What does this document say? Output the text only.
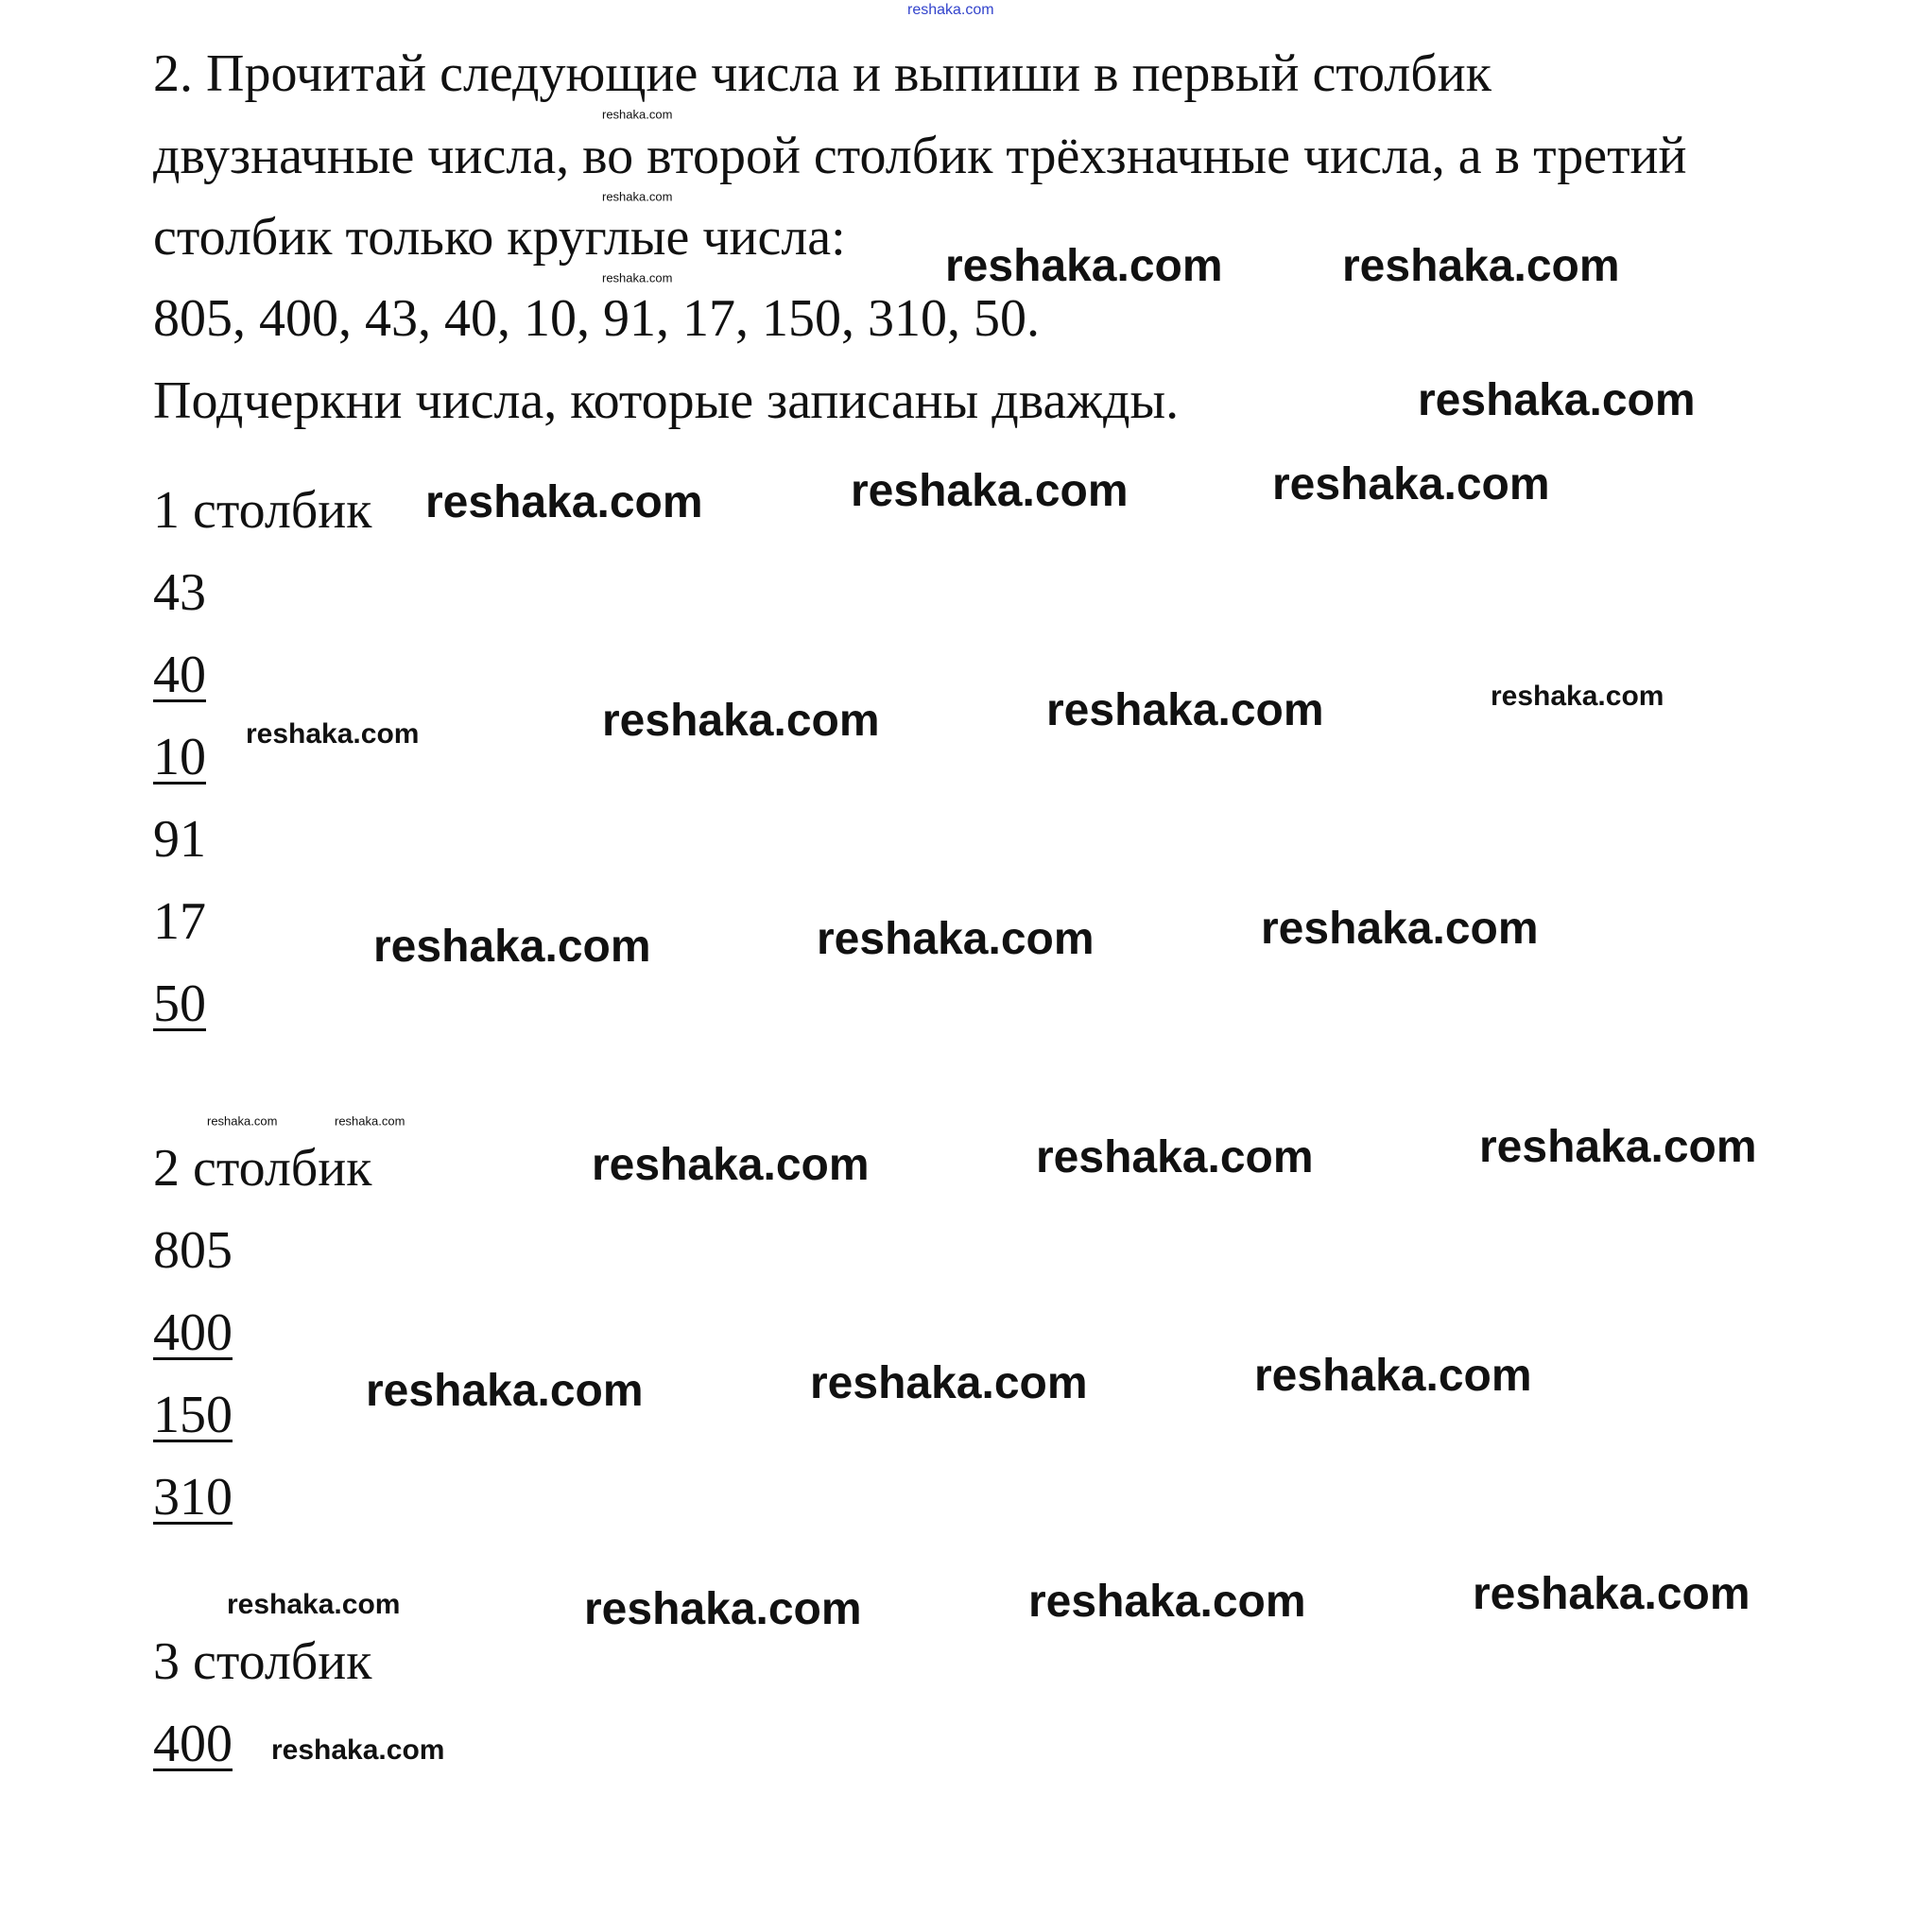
reshaka.com
2. Прочитай следующие числа и выпиши в первый столбик
двузначные числа, во второй столбик трёхзначные числа, а в третий
столбик только круглые числа:
805, 400, 43, 40, 10, 91, 17, 150, 310, 50.
Подчеркни числа, которые записаны дважды.
1 столбик
43
40
10
91
17
50
2 столбик
805
400
150
310
3 столбик
400
reshaka.com
reshaka.com	reshaka.com
reshaka.com	reshaka.com	reshaka.com
reshaka.com	reshaka.com	reshaka.com
reshaka.com
reshaka.com	reshaka.com	reshaka.com
reshaka.com	reshaka.com	reshaka.com
reshaka.com	reshaka.com	reshaka.com
reshaka.com	reshaka.com	reshaka.com	reshaka.com
reshaka.com
reshaka.com
reshaka.com
reshaka.com
reshaka.com	reshaka.com
